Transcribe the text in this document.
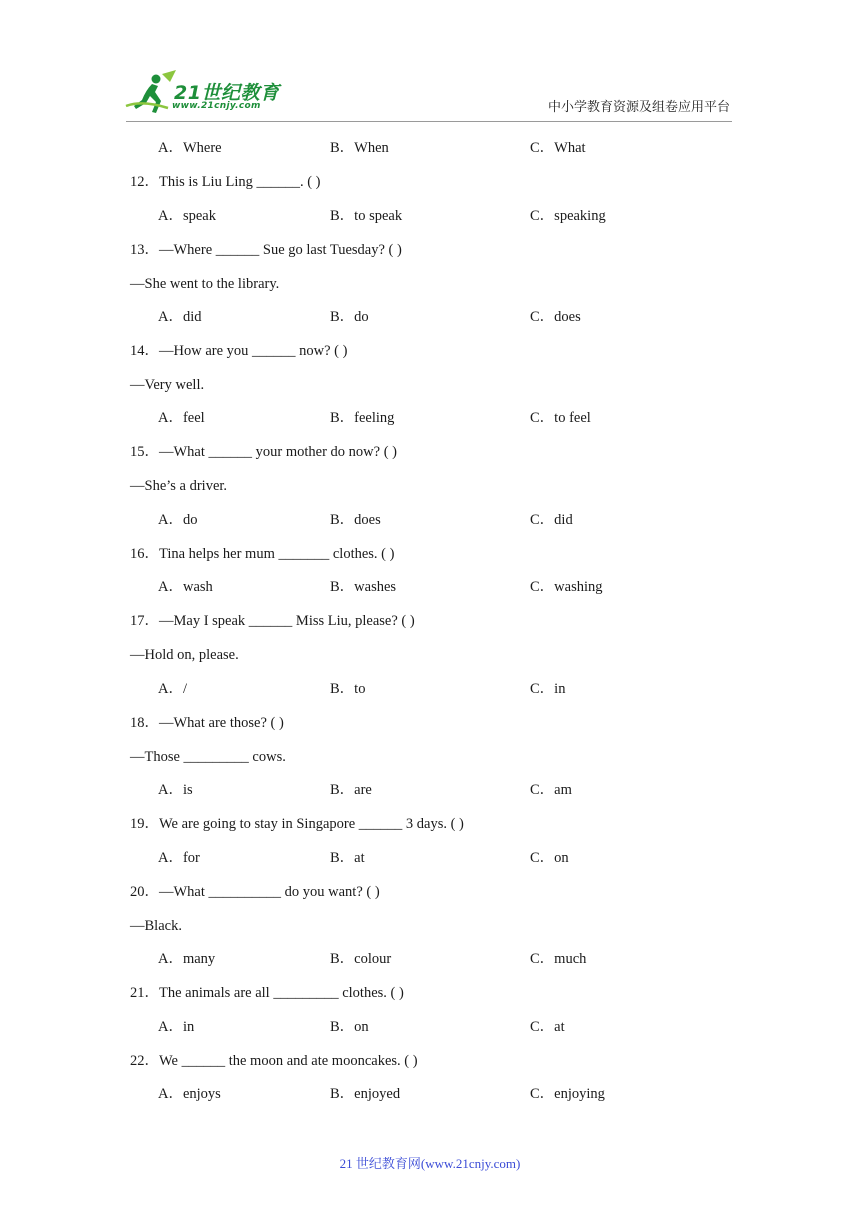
21世纪教育
www.21cnjy.com	中小学教育资源及组卷应用平台
A．Where	B．When	C．What
12．This is Liu Ling ______. ( )
A．speak	B．to speak	C．speaking
13．—Where ______ Sue go last Tuesday? ( )
—She went to the library.
A．did	B．do	C．does
14．—How are you ______ now? ( )
—Very well.
A．feel	B．feeling	C．to feel
15．—What ______ your mother do now? ( )
—She’s a driver.
A．do	B．does	C．did
16．Tina helps her mum _______ clothes. ( )
A．wash	B．washes	C．washing
17．—May I speak ______ Miss Liu, please? ( )
—Hold on, please.
A．/	B．to	C．in
18．—What are those? ( )
—Those _________ cows.
A．is	B．are	C．am
19．We are going to stay in Singapore ______ 3 days. ( )
A．for	B．at	C．on
20．—What __________ do you want? ( )
—Black.
A．many	B．colour	C．much
21．The animals are all _________ clothes. ( )
A．in	B．on	C．at
22．We ______ the moon and ate mooncakes. ( )
A．enjoys	B．enjoyed	C．enjoying
21 世纪教育网(www.21cnjy.com)
